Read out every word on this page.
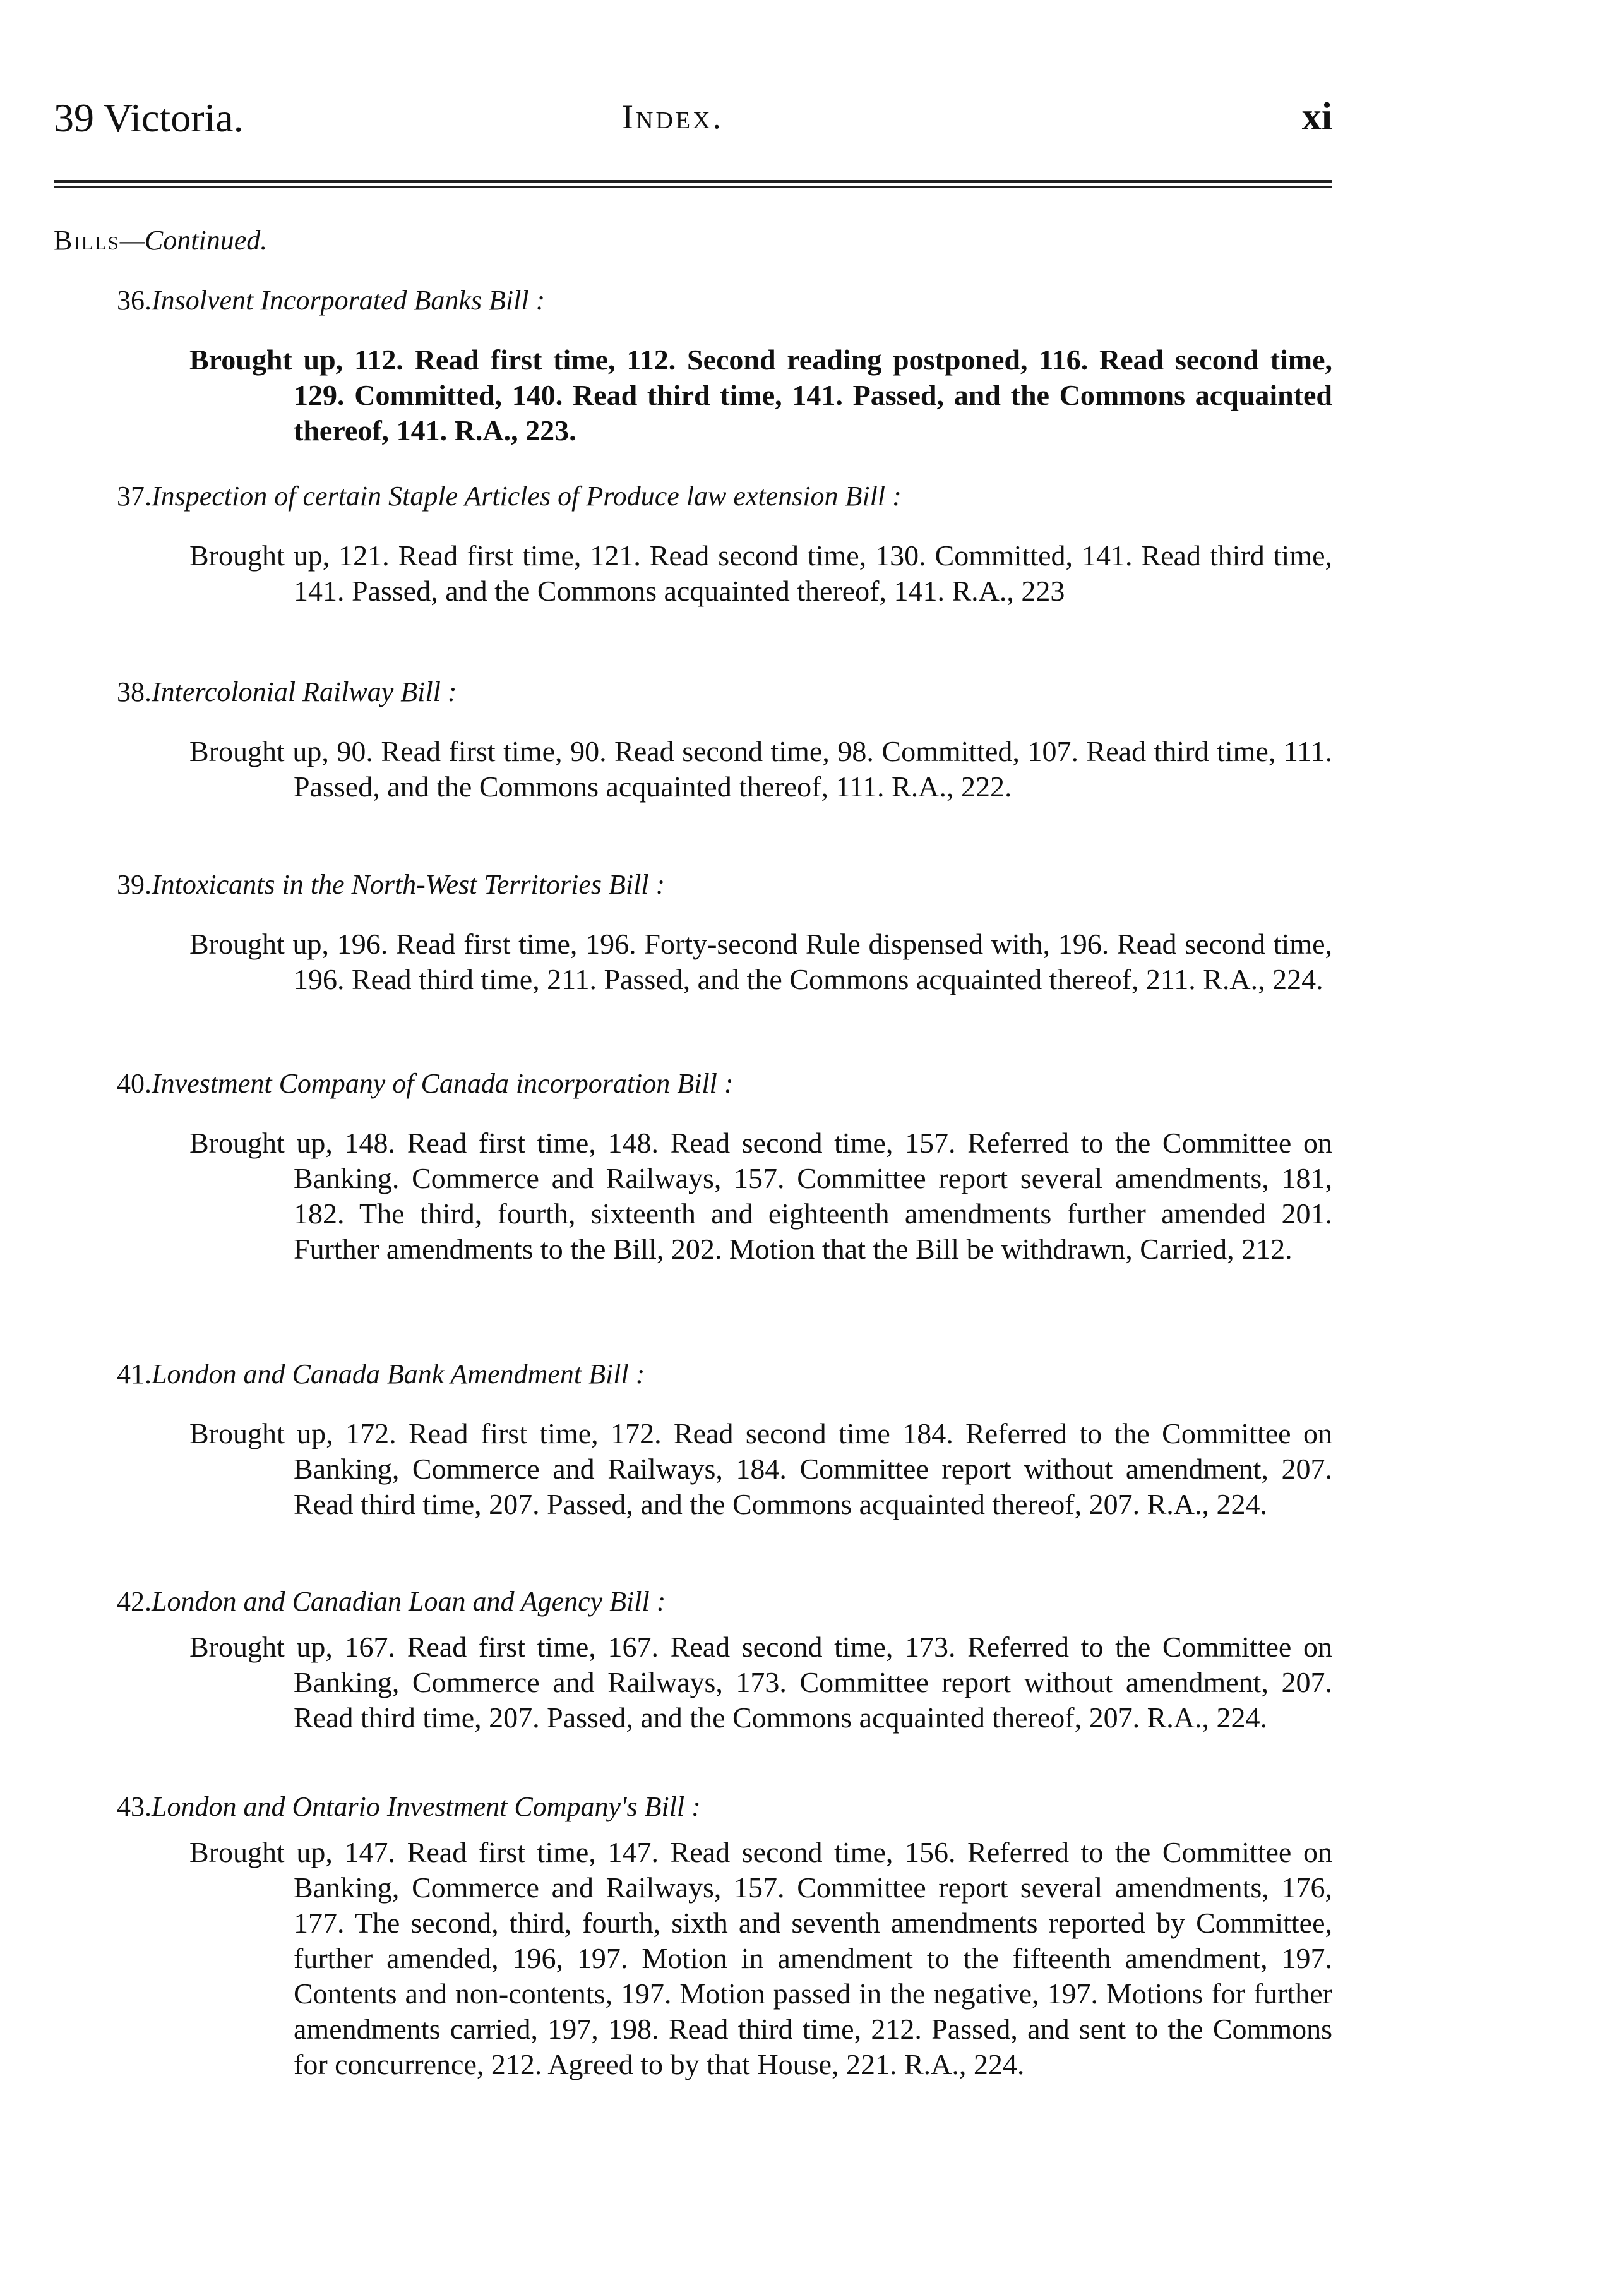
39 Victoria.	Index.	xi
Bills—Continued.
36.Insolvent Incorporated Banks Bill :
Brought up, 112. Read first time, 112. Second reading postponed, 116. Read second time, 129. Committed, 140. Read third time, 141. Passed, and the Commons acquainted thereof, 141. R.A., 223.
37.Inspection of certain Staple Articles of Produce law extension Bill :
Brought up, 121. Read first time, 121. Read second time, 130. Committed, 141. Read third time, 141. Passed, and the Commons acquainted thereof, 141. R.A., 223
38.Intercolonial Railway Bill :
Brought up, 90. Read first time, 90. Read second time, 98. Committed, 107. Read third time, 111. Passed, and the Commons acquainted thereof, 111. R.A., 222.
39.Intoxicants in the North-West Territories Bill :
Brought up, 196. Read first time, 196. Forty-second Rule dispensed with, 196. Read second time, 196. Read third time, 211. Passed, and the Commons acquainted thereof, 211. R.A., 224.
40.Investment Company of Canada incorporation Bill :
Brought up, 148. Read first time, 148. Read second time, 157. Referred to the Committee on Banking. Commerce and Railways, 157. Committee report several amendments, 181, 182. The third, fourth, sixteenth and eighteenth amendments further amended 201. Further amendments to the Bill, 202. Motion that the Bill be withdrawn, Carried, 212.
41.London and Canada Bank Amendment Bill :
Brought up, 172. Read first time, 172. Read second time 184. Referred to the Committee on Banking, Commerce and Railways, 184. Committee report without amendment, 207. Read third time, 207. Passed, and the Commons acquainted thereof, 207. R.A., 224.
42.London and Canadian Loan and Agency Bill :
Brought up, 167. Read first time, 167. Read second time, 173. Referred to the Committee on Banking, Commerce and Railways, 173. Committee report without amendment, 207. Read third time, 207. Passed, and the Commons acquainted thereof, 207. R.A., 224.
43.London and Ontario Investment Company's Bill :
Brought up, 147. Read first time, 147. Read second time, 156. Referred to the Committee on Banking, Commerce and Railways, 157. Committee report several amendments, 176, 177. The second, third, fourth, sixth and seventh amendments reported by Committee, further amended, 196, 197. Motion in amendment to the fifteenth amendment, 197. Contents and non-contents, 197. Motion passed in the negative, 197. Motions for further amendments carried, 197, 198. Read third time, 212. Passed, and sent to the Commons for concurrence, 212. Agreed to by that House, 221. R.A., 224.
